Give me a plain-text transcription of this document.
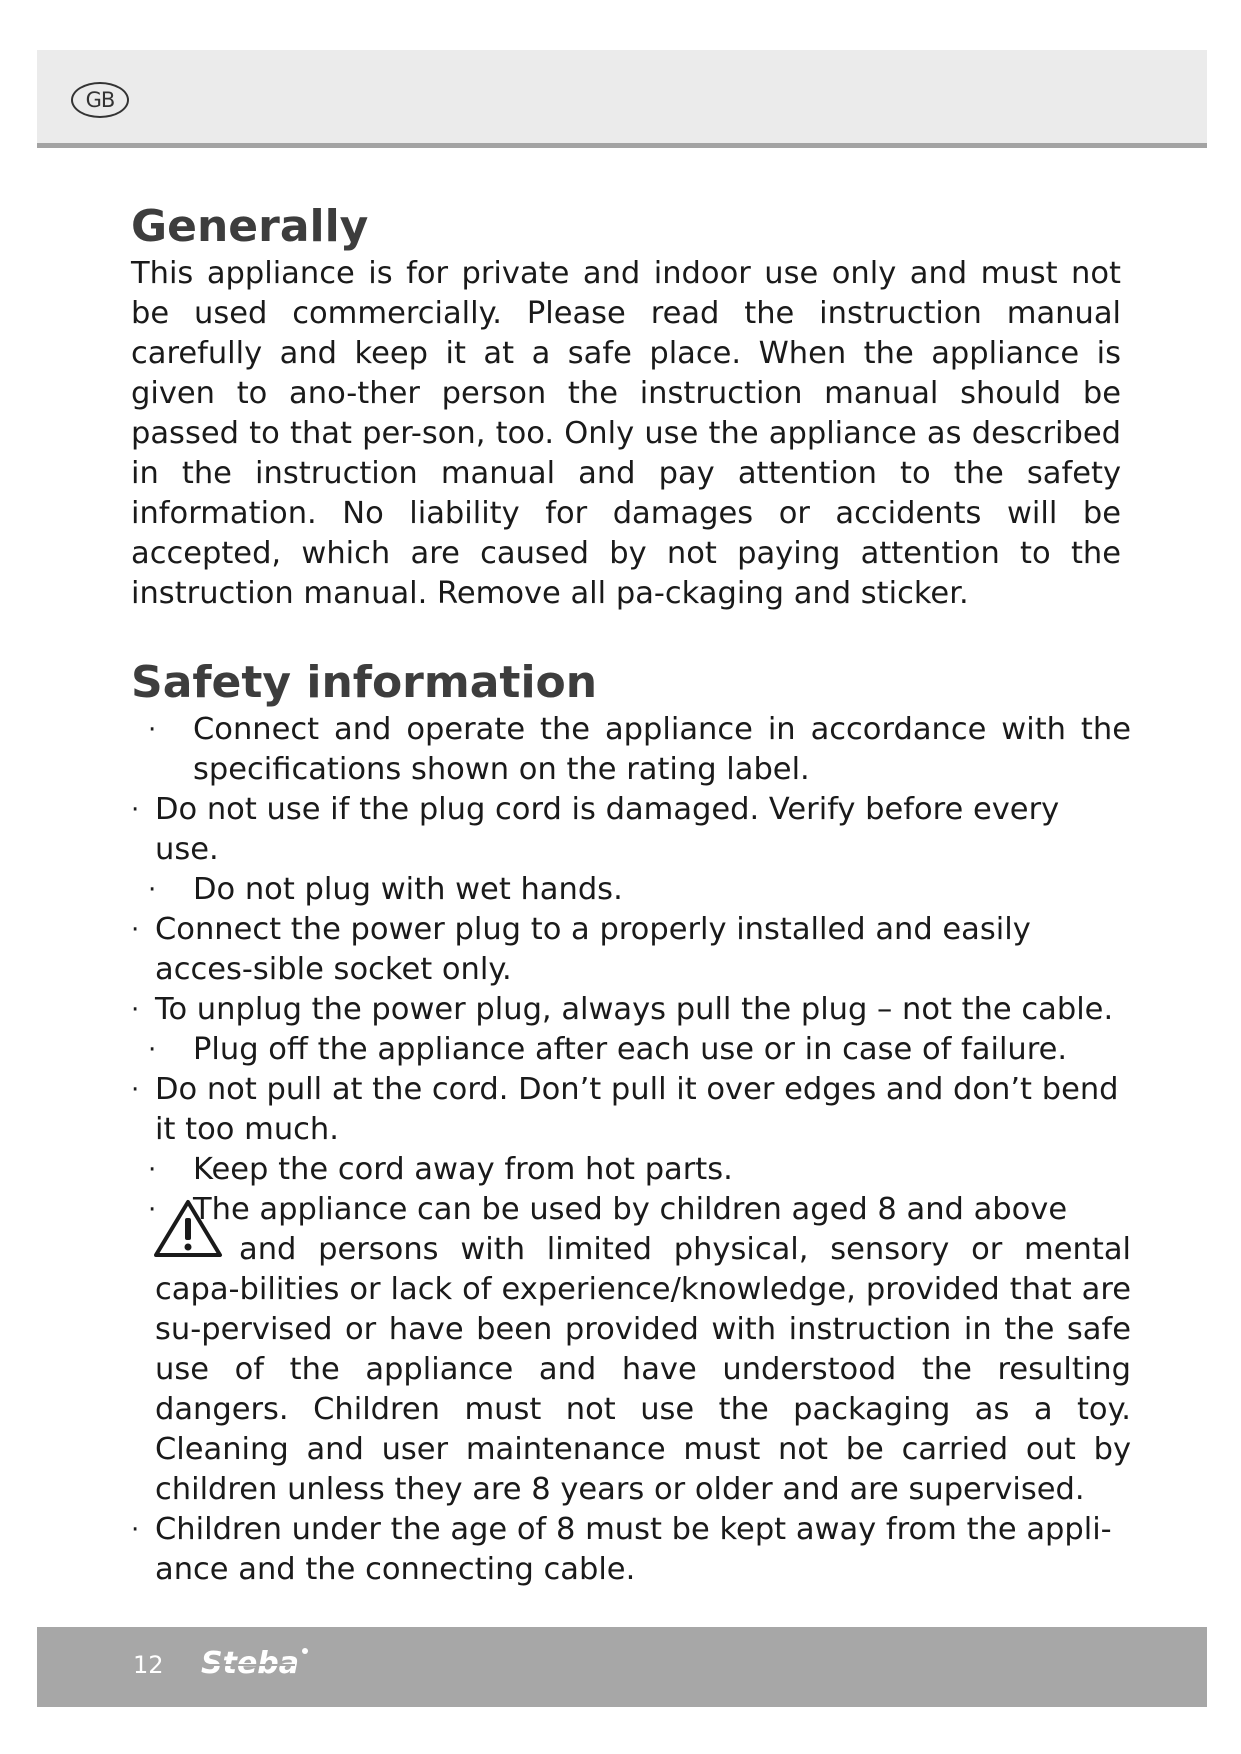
GB
Generally

This appliance is for private and indoor use only and must not be used commercially. Please read the instruction manual carefully and keep it at a safe place. When the appliance is given to ano-ther person the instruction manual should be passed to that per-son, too. Only use the appliance as described in the instruction manual and pay attention to the safety information. No liability for damages or accidents will be accepted, which are caused by not paying attention to the instruction manual. Remove all pa-ckaging and sticker.

Safety information
·	Connect and operate the appliance in accordance with the specifications shown on the rating label.
· Do not use if the plug cord is damaged. Verify before every use.
·	Do not plug with wet hands.
· Connect the power plug to a properly installed and easily acces-sible socket only.
· To unplug the power plug, always pull the plug – not the cable.
·	Plug off the appliance after each use or in case of failure.
· Do not pull at the cord. Don’t pull it over edges and don’t bend it too much.
·	Keep the cord away from hot parts.
·	The appliance can be used by children aged 8 and above
and persons with limited physical, sensory or mental capa-bilities or lack of experience/knowledge, provided that are su-pervised or have been provided with instruction in the safe use of the appliance and have understood the resulting dangers. Children must not use the packaging as a toy. Cleaning and user maintenance must not be carried out by children unless they are 8 years or older and are supervised.
· Children under the age of 8 must be kept away from the appli-ance and the connecting cable.
12 Steba
